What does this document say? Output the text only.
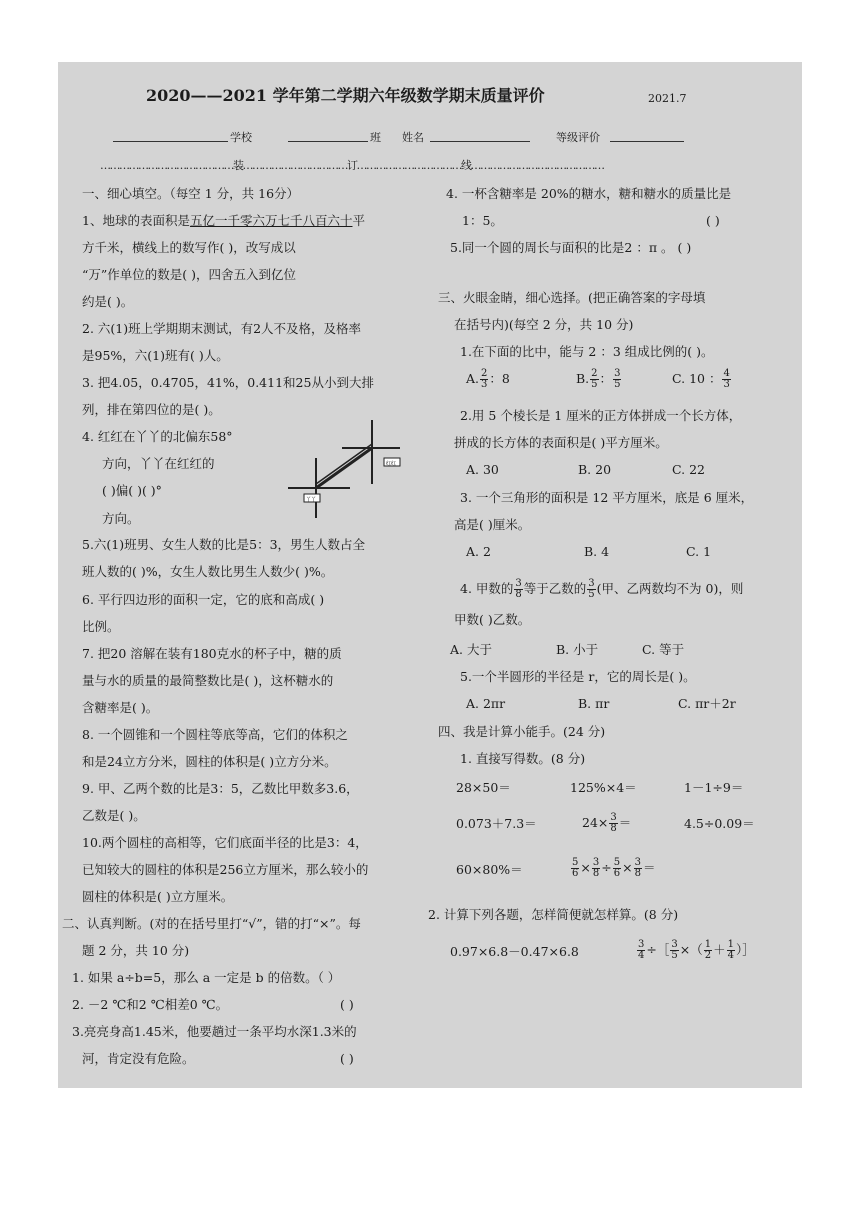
2020——2021 学年第二学期六年级数学期末质量评价	2021.7
学校	班 姓名	等级评价
……………………………………装……………………………订……………………………线……………………………………
一、细心填空。（每空 1 分，共 16分）
1、地球的表面积是五亿一千零六万七千八百六十平
方千米，横线上的数写作( )，改写成以
“万”作单位的数是( )，四舍五入到亿位
约是( )。
2. 六(1)班上学期期末测试，有2人不及格，及格率
是95%，六(1)班有( )人。
3. 把4.05，0.4705，41%，0.411和25从小到大排
列，排在第四位的是( )。
4. 红红在丫丫的北偏东58°
方向，丫丫在红红的
( )偏( )( )°
方向。
红红
丫丫
5.六(1)班男、女生人数的比是5：3，男生人数占全
班人数的( )%，女生人数比男生人数少( )%。
6. 平行四边形的面积一定，它的底和高成( )
比例。
7. 把20 溶解在装有180克水的杯子中，糖的质
量与水的质量的最简整数比是( )，这杯糖水的
含糖率是( )。
8. 一个圆锥和一个圆柱等底等高，它们的体积之
和是24立方分米，圆柱的体积是( )立方分米。
9. 甲、乙两个数的比是3：5，乙数比甲数多3.6，
乙数是( )。
10.两个圆柱的高相等，它们底面半径的比是3：4，
已知较大的圆柱的体积是256立方厘米，那么较小的
圆柱的体积是( )立方厘米。
二、认真判断。(对的在括号里打“√”，错的打“×”。每
题 2 分，共 10 分)
1. 如果 a÷b=5，那么 a 一定是 b 的倍数。（ ）
2. －2 ℃和2 ℃相差0 ℃。	( )
3.亮亮身高1.45米，他要趟过一条平均水深1.3米的
河，肯定没有危险。	( )
4. 一杯含糖率是 20%的糖水，糖和糖水的质量比是
1：5。	( )
5.同一个圆的周长与面积的比是2 ：π 。 ( )
三、火眼金睛，细心选择。(把正确答案的字母填
在括号内)(每空 2 分，共 10 分)
1.在下面的比中，能与 2 ：3 组成比例的( )。
A. $\frac{2}{3}$ ：8	B. $\frac{2}{5}$ ： $\frac{3}{5}$	C. 10 ： $\frac{4}{3}$
2.用 5 个棱长是 1 厘米的正方体拼成一个长方体，
拼成的长方体的表面积是( )平方厘米。
A. 30	B. 20	C. 22
3. 一个三角形的面积是 12 平方厘米，底是 6 厘米，
高是( )厘米。
A. 2	B. 4	C. 1
4. 甲数的 $\frac{3}{8}$ 等于乙数的 $\frac{3}{5}$ (甲、乙两数均不为 0)，则
甲数( )乙数。
A. 大于	B. 小于	C. 等于
5.一个半圆形的半径是 r，它的周长是( )。
A. 2πr	B. πr	C. πr＋2r
四、我是计算小能手。(24 分)
1. 直接写得数。(8 分)
28×50＝	125%×4＝	1－1÷9＝
0.073＋7.3＝	$24\times \frac{3}{8}$ ＝	4.5÷0.09＝
60×80%＝	$\frac{5}{6} \times \frac{3}{8} \div \frac{5}{6} \times \frac{3}{8}$ ＝
2. 计算下列各题，怎样简便就怎样算。(8 分)
0.97×6.8－0.47×6.8	$\frac{3}{4}$ ÷［ $\frac{3}{5}$ ×（ $\frac{1}{2} + \frac{1}{4}$ ）］
